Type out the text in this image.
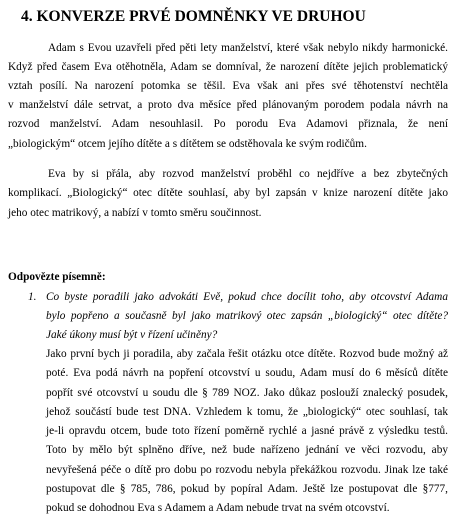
4. KONVERZE PRVÉ DOMNĚNKY VE DRUHOU

Adam s Evou uzavřeli před pěti lety manželství, které však nebylo nikdy harmonické.

Když před časem Eva otěhotněla, Adam se domníval, že narození dítěte jejich problematický

vztah posílí. Na narození potomka se těšil. Eva však ani přes své těhotenství nechtěla

v manželství dále setrvat, a proto dva měsíce před plánovaným porodem podala návrh na

rozvod manželství. Adam nesouhlasil. Po porodu Eva Adamovi přiznala, že není

„biologickým“ otcem jejího dítěte a s dítětem se odstěhovala ke svým rodičům.

Eva by si přála, aby rozvod manželství proběhl co nejdříve a bez zbytečných

komplikací. „Biologický“ otec dítěte souhlasí, aby byl zapsán v knize narození dítěte jako

jeho otec matrikový, a nabízí v tomto směru součinnost.

Odpovězte písemně:

1. Co byste poradili jako advokáti Evě, pokud chce docílit toho, aby otcovství Adama

bylo popřeno a současně byl jako matrikový otec zapsán „biologický“ otec dítěte?

Jaké úkony musí být v řízení učiněny?

Jako první bych ji poradila, aby začala řešit otázku otce dítěte. Rozvod bude možný až

poté. Eva podá návrh na popření otcovství u soudu, Adam musí do 6 měsíců dítěte

popřít své otcovství u soudu dle § 789 NOZ. Jako důkaz poslouží znalecký posudek,

jehož součástí bude test DNA. Vzhledem k tomu, že „biologický“ otec souhlasí, tak

je-li opravdu otcem, bude toto řízení poměrně rychlé a jasné právě z výsledku testů.

Toto by mělo být splněno dříve, než bude nařízeno jednání ve věci rozvodu, aby

nevyřešená péče o dítě pro dobu po rozvodu nebyla překážkou rozvodu. Jinak lze také

postupovat dle § 785, 786, pokud by popíral Adam. Ještě lze postupovat dle §777,

pokud se dohodnou Eva s Adamem a Adam nebude trvat na svém otcovství.
